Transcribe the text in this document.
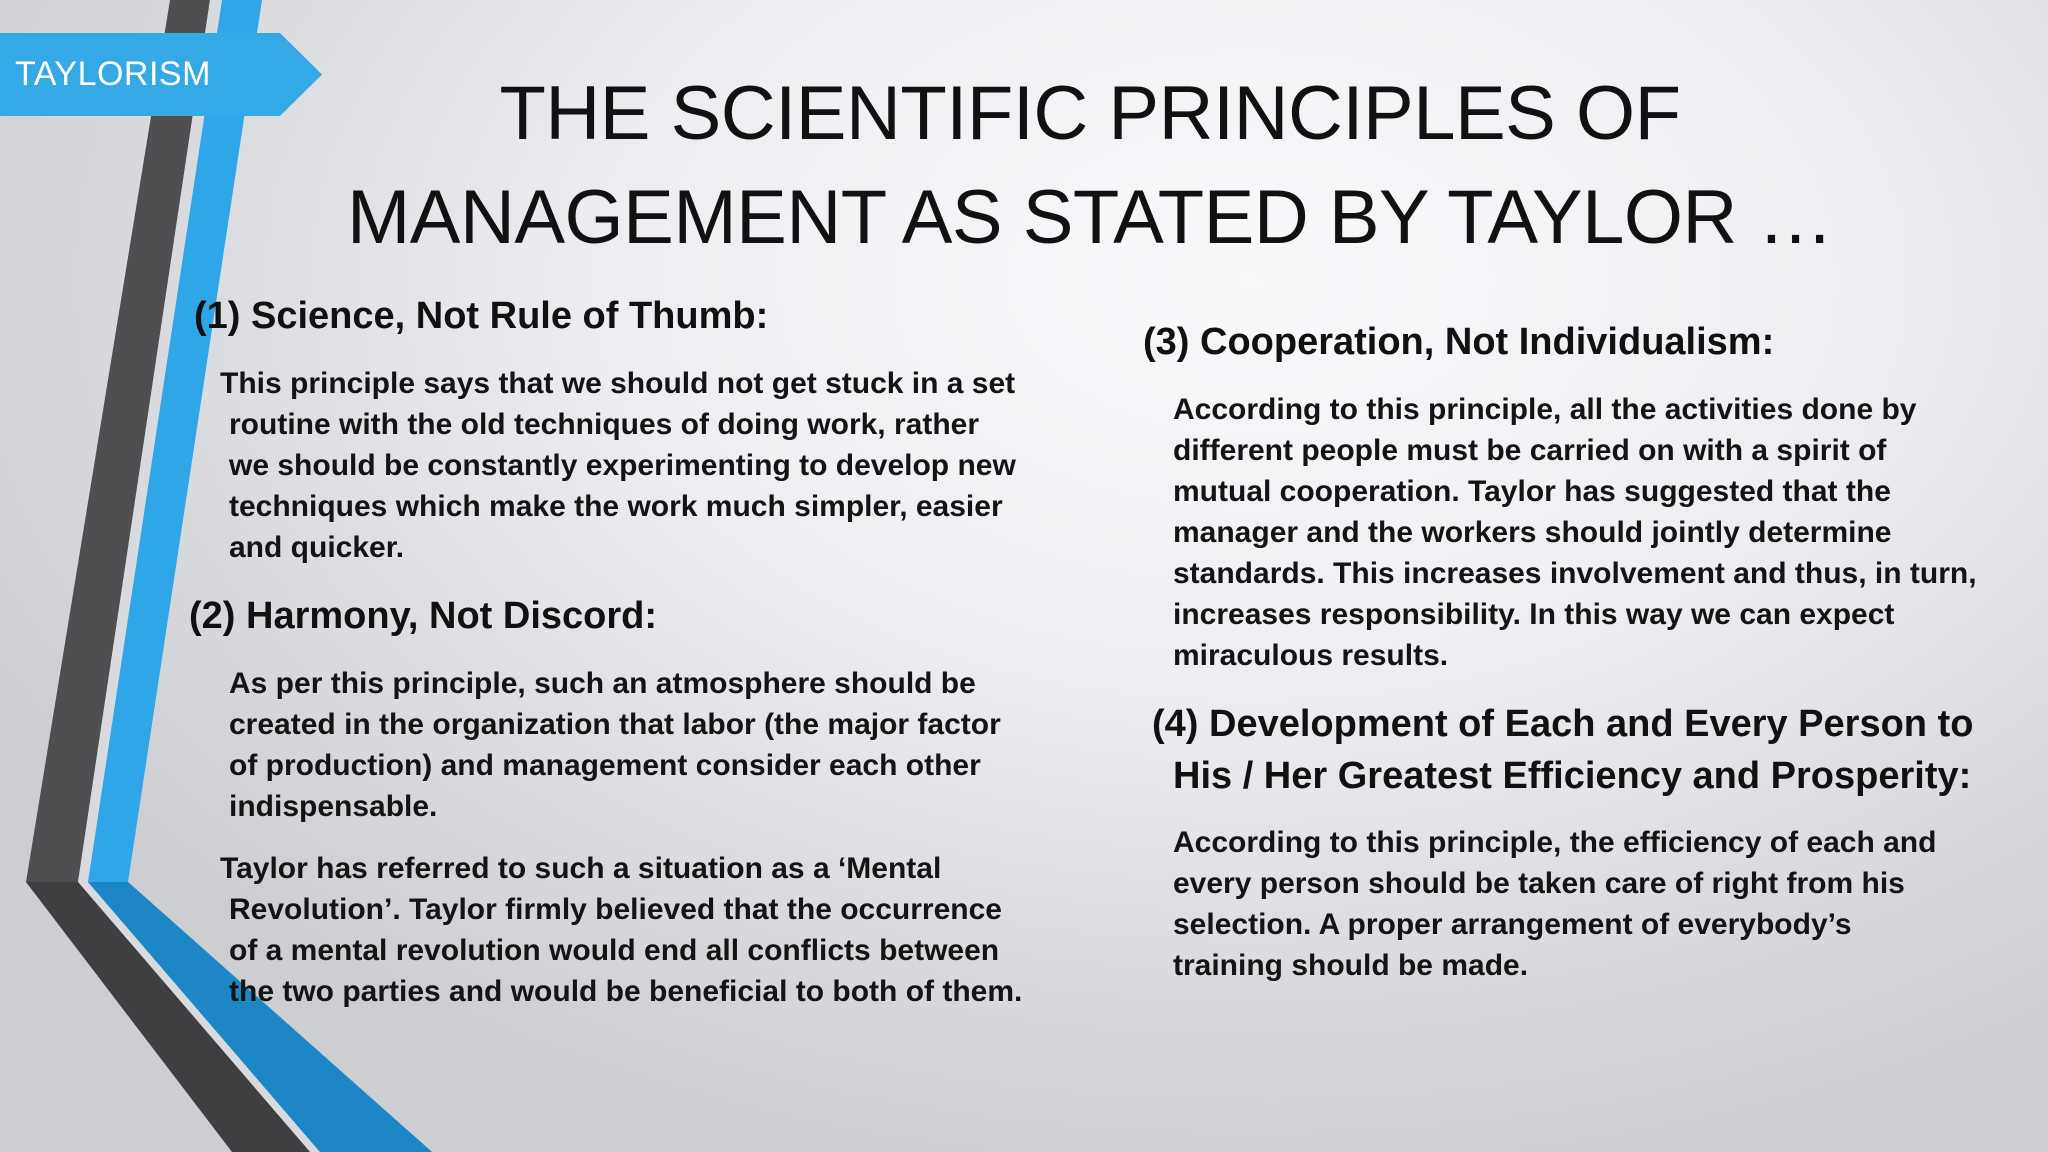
TAYLORISM	THE SCIENTIFIC PRINCIPLES OF
MANAGEMENT AS STATED BY TAYLOR …
(1) Science, Not Rule of Thumb:

This principle says that we should not get stuck in a set
routine with the old techniques of doing work, rather
we should be constantly experimenting to develop new
techniques which make the work much simpler, easier
and quicker.

(2) Harmony, Not Discord:

As per this principle, such an atmosphere should be
created in the organization that labor (the major factor
of production) and management consider each other
indispensable.

Taylor has referred to such a situation as a ‘Mental
Revolution’. Taylor firmly believed that the occurrence
of a mental revolution would end all conflicts between
the two parties and would be beneficial to both of them.

(3) Cooperation, Not Individualism:

According to this principle, all the activities done by
different people must be carried on with a spirit of
mutual cooperation. Taylor has suggested that the
manager and the workers should jointly determine
standards. This increases involvement and thus, in turn,
increases responsibility. In this way we can expect
miraculous results.

(4) Development of Each and Every Person to
His / Her Greatest Efficiency and Prosperity:

According to this principle, the efficiency of each and
every person should be taken care of right from his
selection. A proper arrangement of everybody’s
training should be made.
